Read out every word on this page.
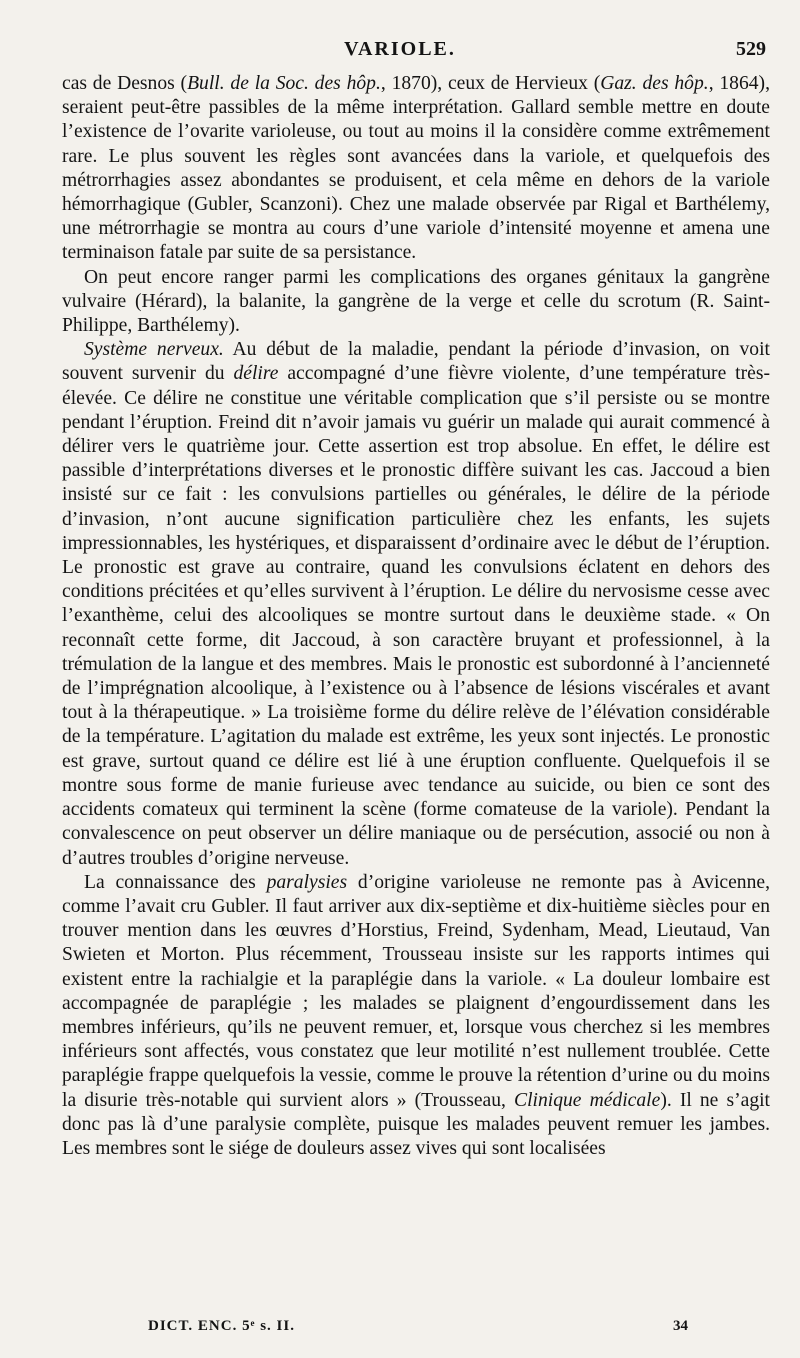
VARIOLE.	529

cas de Desnos (Bull. de la Soc. des hôp., 1870), ceux de Hervieux (Gaz. des hôp., 1864), seraient peut-être passibles de la même interprétation. Gallard semble mettre en doute l’existence de l’ovarite varioleuse, ou tout au moins il la considère comme extrêmement rare. Le plus souvent les règles sont avancées dans la variole, et quelquefois des métrorrhagies assez abondantes se produisent, et cela même en dehors de la variole hémorrhagique (Gubler, Scanzoni). Chez une malade observée par Rigal et Barthélemy, une métrorrhagie se montra au cours d’une variole d’intensité moyenne et amena une terminaison fatale par suite de sa persistance.

On peut encore ranger parmi les complications des organes génitaux la gangrène vulvaire (Hérard), la balanite, la gangrène de la verge et celle du scrotum (R. Saint-Philippe, Barthélemy).

Système nerveux. Au début de la maladie, pendant la période d’invasion, on voit souvent survenir du délire accompagné d’une fièvre violente, d’une température très-élevée. Ce délire ne constitue une véritable complication que s’il persiste ou se montre pendant l’éruption. Freind dit n’avoir jamais vu guérir un malade qui aurait commencé à délirer vers le quatrième jour. Cette assertion est trop absolue. En effet, le délire est passible d’interprétations diverses et le pronostic diffère suivant les cas. Jaccoud a bien insisté sur ce fait : les convulsions partielles ou générales, le délire de la période d’invasion, n’ont aucune signification particulière chez les enfants, les sujets impressionnables, les hystériques, et disparaissent d’ordinaire avec le début de l’éruption. Le pronostic est grave au contraire, quand les convulsions éclatent en dehors des conditions précitées et qu’elles survivent à l’éruption. Le délire du nervosisme cesse avec l’exanthème, celui des alcooliques se montre surtout dans le deuxième stade. « On reconnaît cette forme, dit Jaccoud, à son caractère bruyant et professionnel, à la trémulation de la langue et des membres. Mais le pronostic est subordonné à l’ancienneté de l’imprégnation alcoolique, à l’existence ou à l’absence de lésions viscérales et avant tout à la thérapeutique. » La troisième forme du délire relève de l’élévation considérable de la température. L’agitation du malade est extrême, les yeux sont injectés. Le pronostic est grave, surtout quand ce délire est lié à une éruption confluente. Quelquefois il se montre sous forme de manie furieuse avec tendance au suicide, ou bien ce sont des accidents comateux qui terminent la scène (forme comateuse de la variole). Pendant la convalescence on peut observer un délire maniaque ou de persécution, associé ou non à d’autres troubles d’origine nerveuse.

La connaissance des paralysies d’origine varioleuse ne remonte pas à Avicenne, comme l’avait cru Gubler. Il faut arriver aux dix-septième et dix-huitième siècles pour en trouver mention dans les œuvres d’Horstius, Freind, Sydenham, Mead, Lieutaud, Van Swieten et Morton. Plus récemment, Trousseau insiste sur les rapports intimes qui existent entre la rachialgie et la paraplégie dans la variole. « La douleur lombaire est accompagnée de paraplégie ; les malades se plaignent d’engourdissement dans les membres inférieurs, qu’ils ne peuvent remuer, et, lorsque vous cherchez si les membres inférieurs sont affectés, vous constatez que leur motilité n’est nullement troublée. Cette paraplégie frappe quelquefois la vessie, comme le prouve la rétention d’urine ou du moins la disurie très-notable qui survient alors » (Trousseau, Clinique médicale). Il ne s’agit donc pas là d’une paralysie complète, puisque les malades peuvent remuer les jambes. Les membres sont le siége de douleurs assez vives qui sont localisées

DICT. ENC. 5ᵉ s. II.	34
